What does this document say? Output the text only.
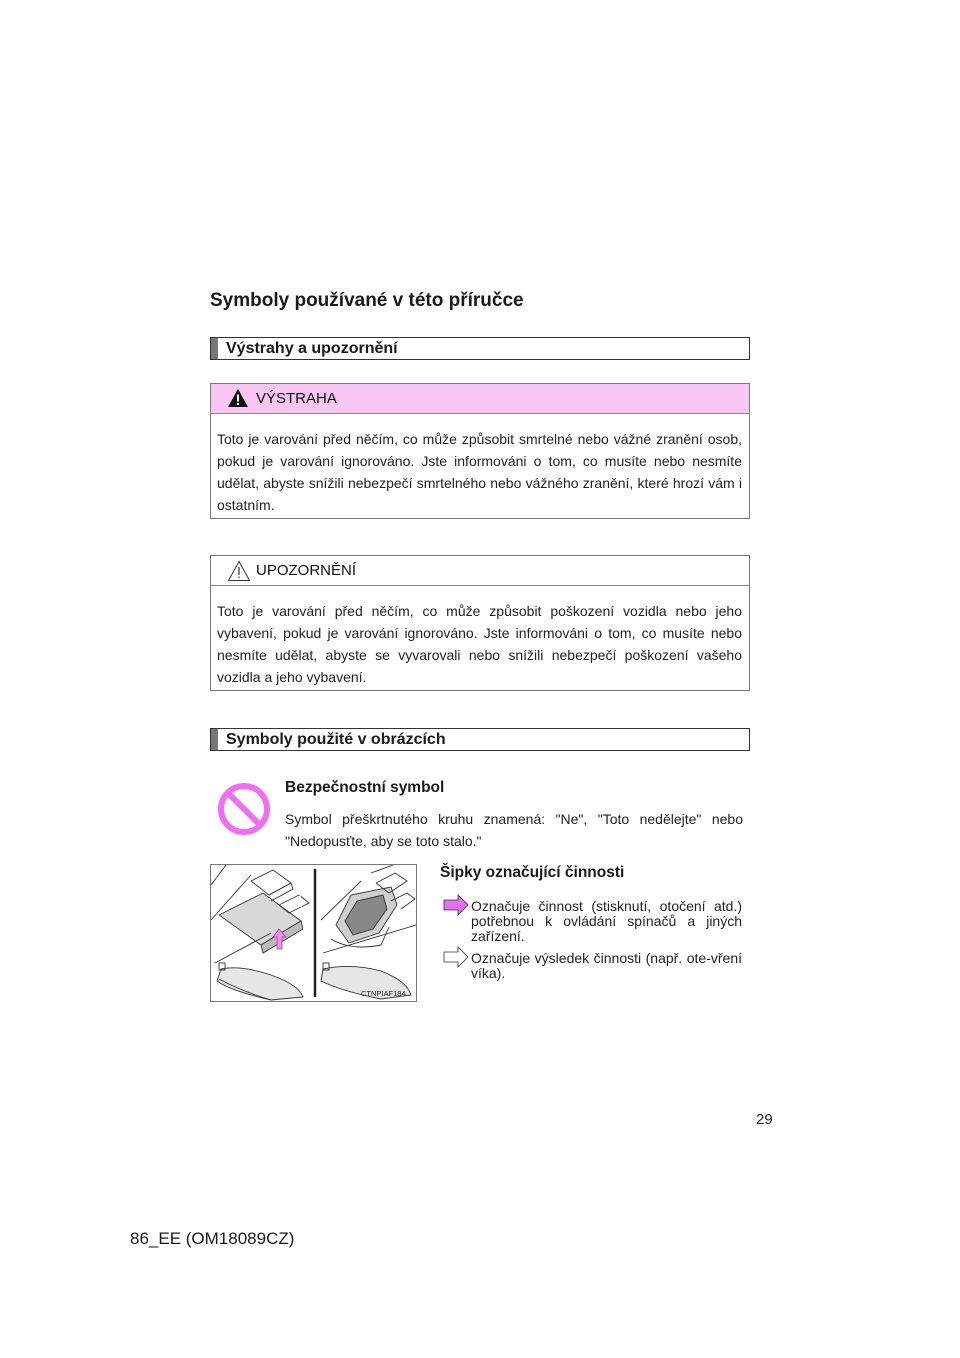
Symboly používané v této příručce
Výstrahy a upozornění
VÝSTRAHA
Toto je varování před něčím, co může způsobit smrtelné nebo vážné zranění osob, pokud je varování ignorováno. Jste informováni o tom, co musíte nebo nesmíte udělat, abyste snížili nebezpečí smrtelného nebo vážného zranění, které hrozí vám i ostatním.
UPOZORNĚNÍ
Toto je varování před něčím, co může způsobit poškození vozidla nebo jeho vybavení, pokud je varování ignorováno. Jste informováni o tom, co musíte nebo nesmíte udělat, abyste se vyvarovali nebo snížili nebezpečí poškození vašeho vozidla a jeho vybavení.
Symboly použité v obrázcích
Bezpečnostní symbol
Symbol přeškrtnutého kruhu znamená: "Ne", "Toto nedělejte" nebo "Nedopusťte, aby se toto stalo."
CTNPIAF184
Šipky označující činnosti
Označuje činnost (stisknutí, otočení atd.) potřebnou k ovládání spínačů a jiných zařízení.
Označuje výsledek činnosti (např. ote-vření víka).
29
86_EE (OM18089CZ)
